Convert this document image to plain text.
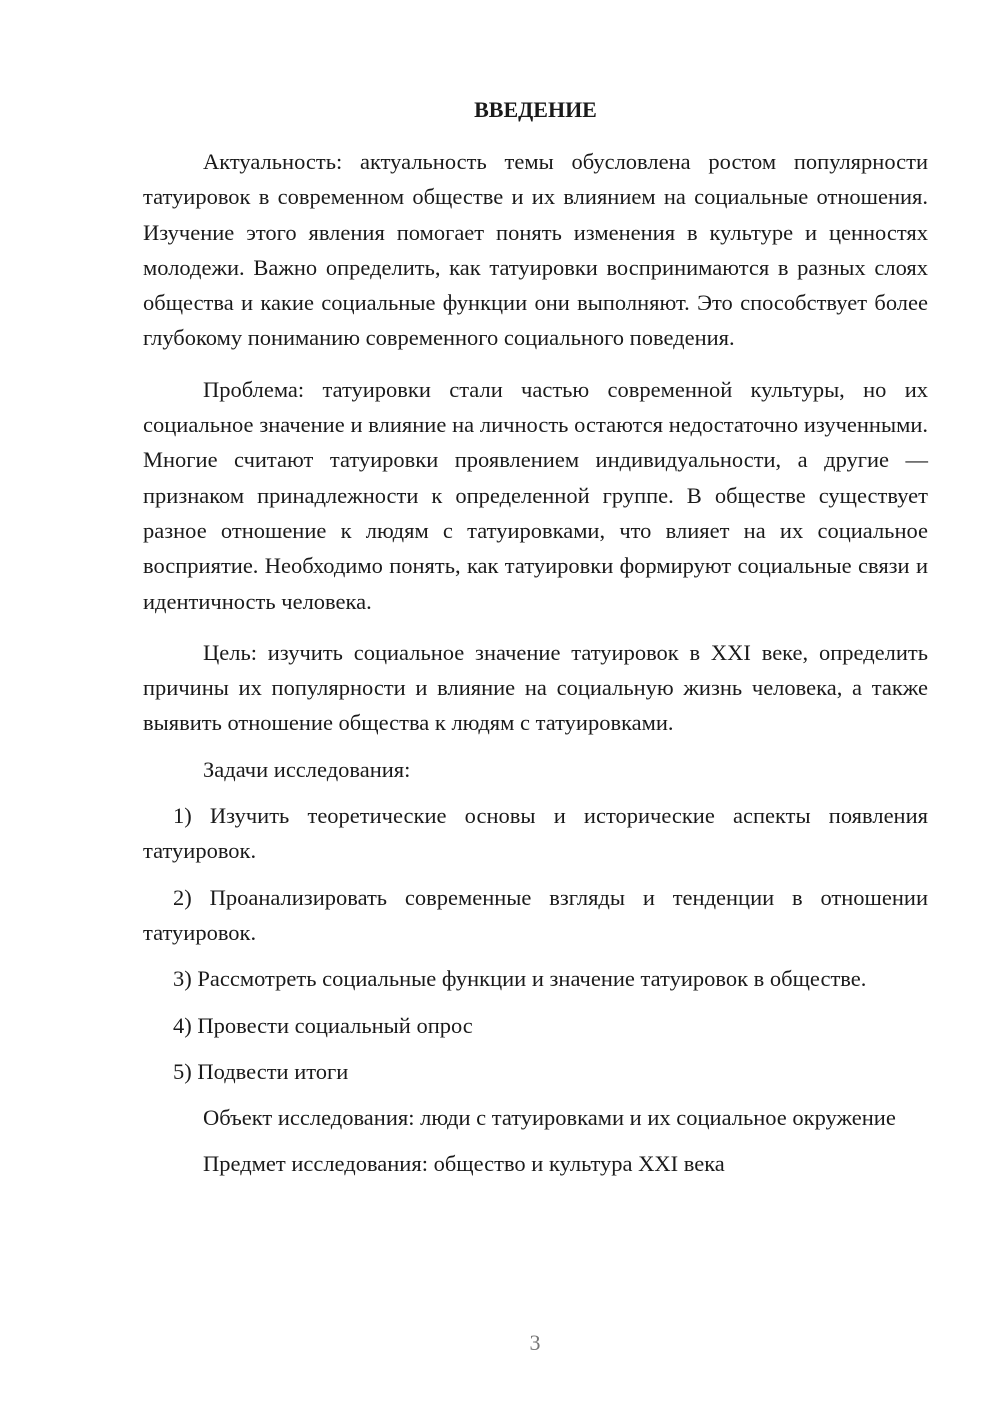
ВВЕДЕНИЕ

Актуальность: актуальность темы обусловлена ростом популярности татуировок в современном обществе и их влиянием на социальные отношения. Изучение этого явления помогает понять изменения в культуре и ценностях молодежи. Важно определить, как татуировки воспринимаются в разных слоях общества и какие социальные функции они выполняют. Это способствует более глубокому пониманию современного социального поведения.

Проблема: татуировки стали частью современной культуры, но их социальное значение и влияние на личность остаются недостаточно изученными. Многие считают татуировки проявлением индивидуальности, а другие — признаком принадлежности к определенной группе. В обществе существует разное отношение к людям с татуировками, что влияет на их социальное восприятие. Необходимо понять, как татуировки формируют социальные связи и идентичность человека.

Цель: изучить социальное значение татуировок в XXI веке, определить причины их популярности и влияние на социальную жизнь человека, а также выявить отношение общества к людям с татуировками.

Задачи исследования:

1) Изучить теоретические основы и исторические аспекты появления татуировок.

2) Проанализировать современные взгляды и тенденции в отношении татуировок.

3) Рассмотреть социальные функции и значение татуировок в обществе.

4) Провести социальный опрос

5) Подвести итоги

Объект исследования: люди с татуировками и их социальное окружение

Предмет исследования: общество и культура XXI века

3
